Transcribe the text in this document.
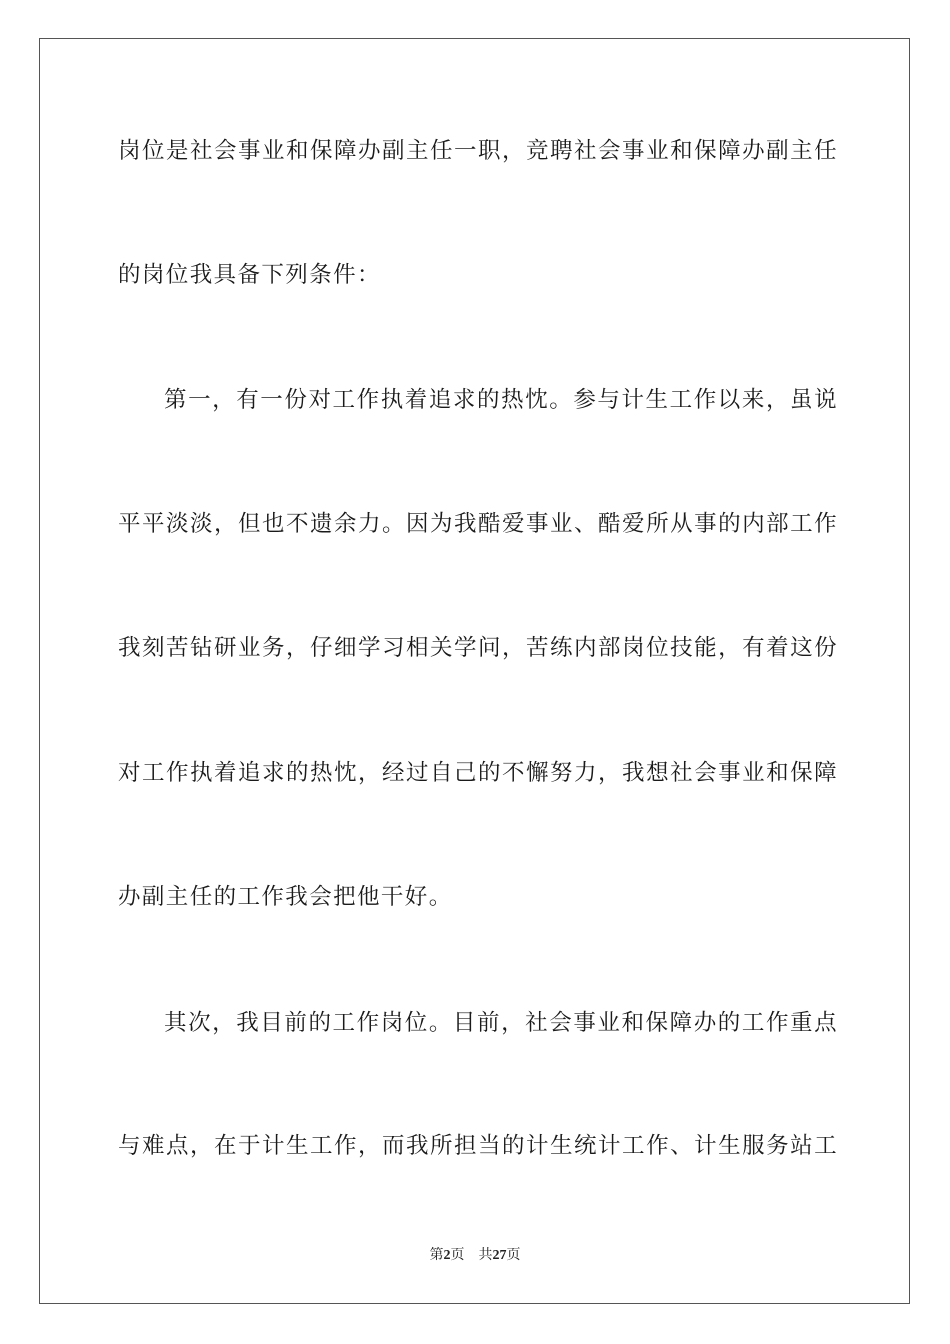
岗位是社会事业和保障办副主任一职，竞聘社会事业和保障办副主任
的岗位我具备下列条件：
第一，有一份对工作执着追求的热忱。参与计生工作以来，虽说
平平淡淡，但也不遗余力。因为我酷爱事业、酷爱所从事的内部工作
我刻苦钻研业务，仔细学习相关学问，苦练内部岗位技能，有着这份
对工作执着追求的热忱，经过自己的不懈努力，我想社会事业和保障
办副主任的工作我会把他干好。
其次，我目前的工作岗位。目前，社会事业和保障办的工作重点
与难点，在于计生工作，而我所担当的计生统计工作、计生服务站工
第2页 共27页
